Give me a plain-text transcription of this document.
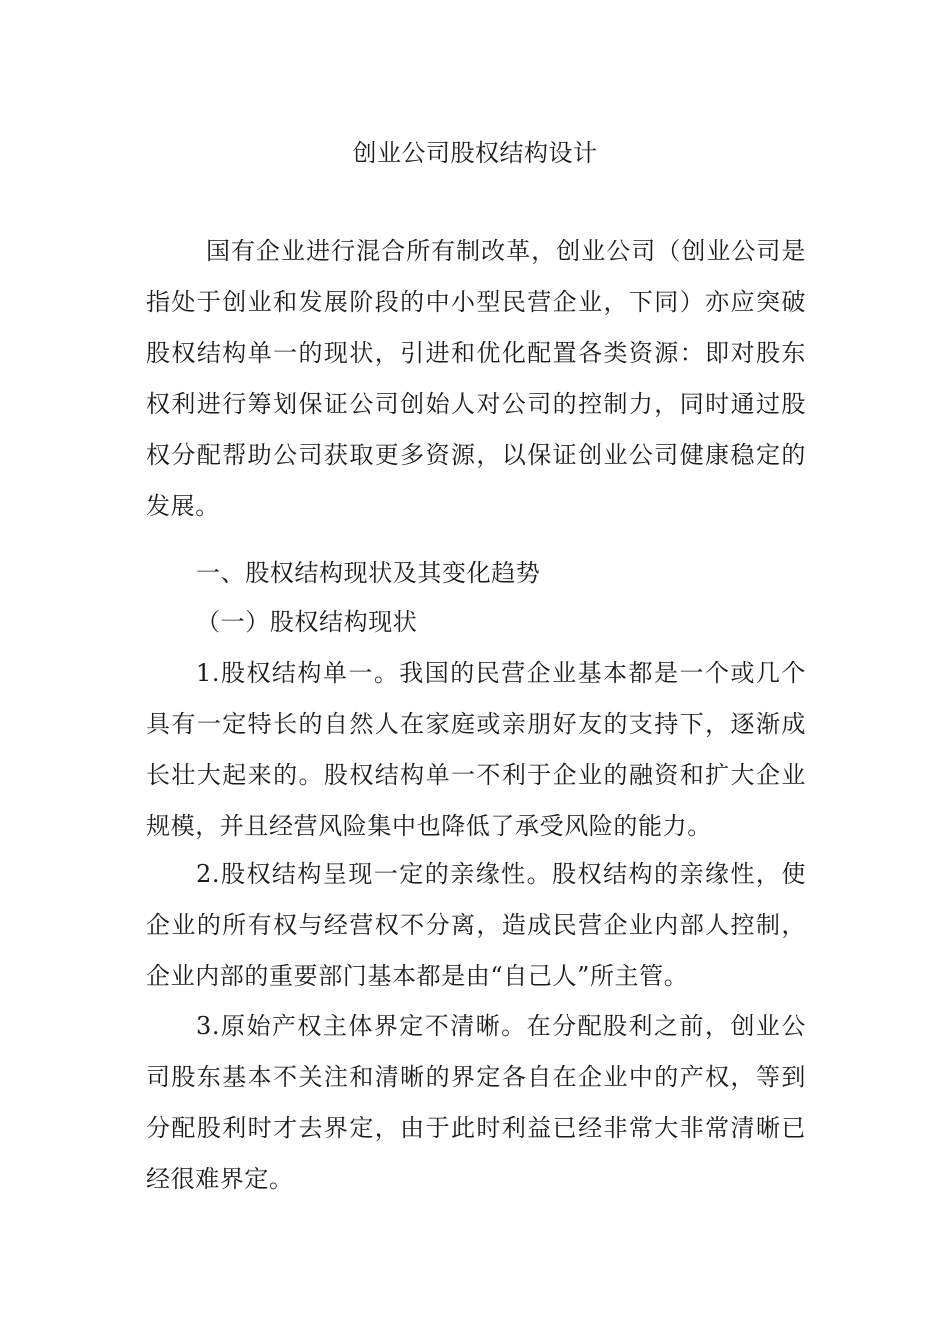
创业公司股权结构设计
国有企业进行混合所有制改革，创业公司（创业公司是指处于创业和发展阶段的中小型民营企业，下同）亦应突破股权结构单一的现状，引进和优化配置各类资源：即对股东权利进行筹划保证公司创始人对公司的控制力，同时通过股权分配帮助公司获取更多资源，以保证创业公司健康稳定的发展。
一、股权结构现状及其变化趋势
（一）股权结构现状
1.股权结构单一。我国的民营企业基本都是一个或几个具有一定特长的自然人在家庭或亲朋好友的支持下，逐渐成长壮大起来的。股权结构单一不利于企业的融资和扩大企业规模，并且经营风险集中也降低了承受风险的能力。
2.股权结构呈现一定的亲缘性。股权结构的亲缘性，使企业的所有权与经营权不分离，造成民营企业内部人控制，企业内部的重要部门基本都是由“自己人”所主管。
3.原始产权主体界定不清晰。在分配股利之前，创业公司股东基本不关注和清晰的界定各自在企业中的产权，等到分配股利时才去界定，由于此时利益已经非常大非常清晰已经很难界定。
